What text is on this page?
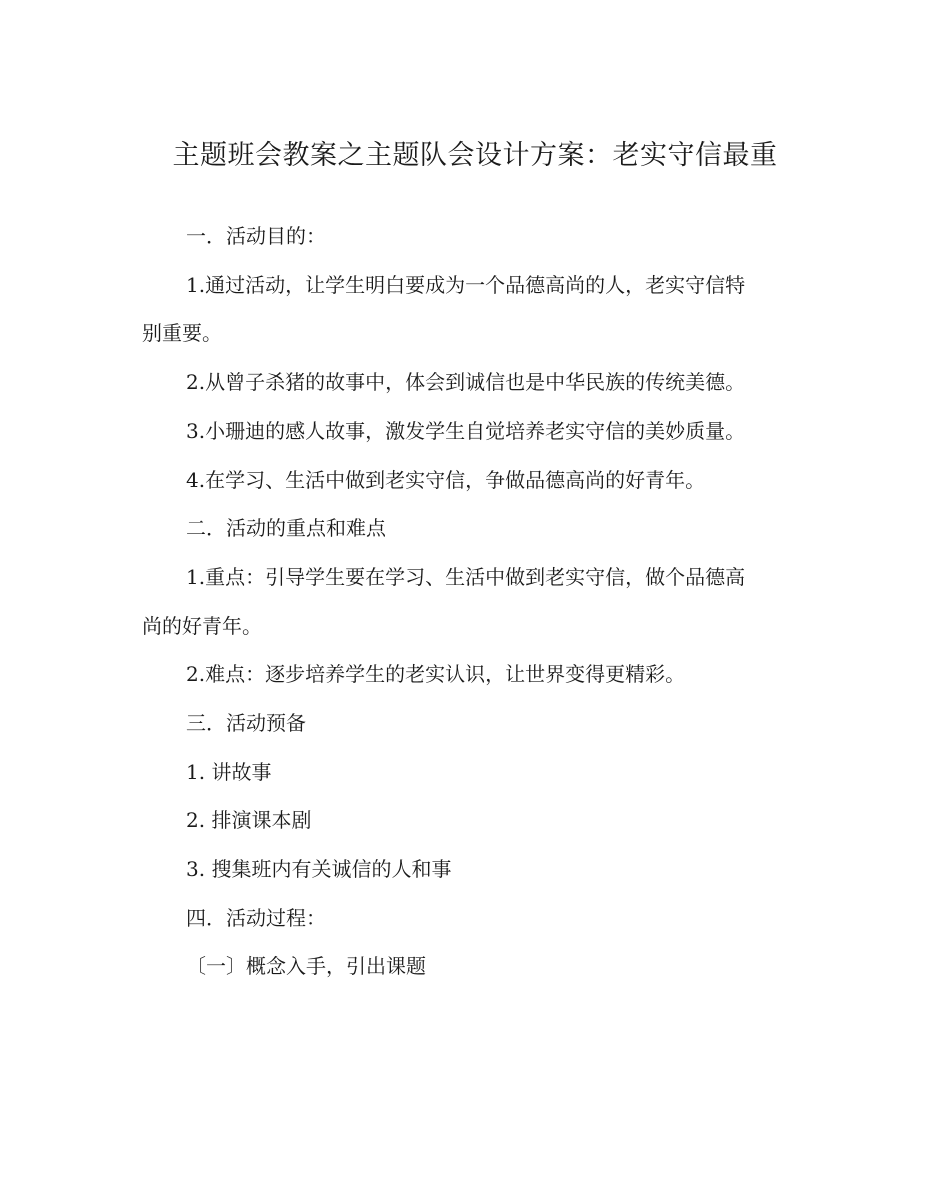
主题班会教案之主题队会设计方案：老实守信最重
一．活动目的：
1.通过活动，让学生明白要成为一个品德高尚的人，老实守信特
别重要。
2.从曾子杀猪的故事中，体会到诚信也是中华民族的传统美德。
3.小珊迪的感人故事，激发学生自觉培养老实守信的美妙质量。
4.在学习、生活中做到老实守信，争做品德高尚的好青年。
二．活动的重点和难点
1.重点：引导学生要在学习、生活中做到老实守信，做个品德高
尚的好青年。
2.难点：逐步培养学生的老实认识，让世界变得更精彩。
三．活动预备
1. 讲故事
2. 排演课本剧
3. 搜集班内有关诚信的人和事
四．活动过程：
〔一〕概念入手，引出课题
